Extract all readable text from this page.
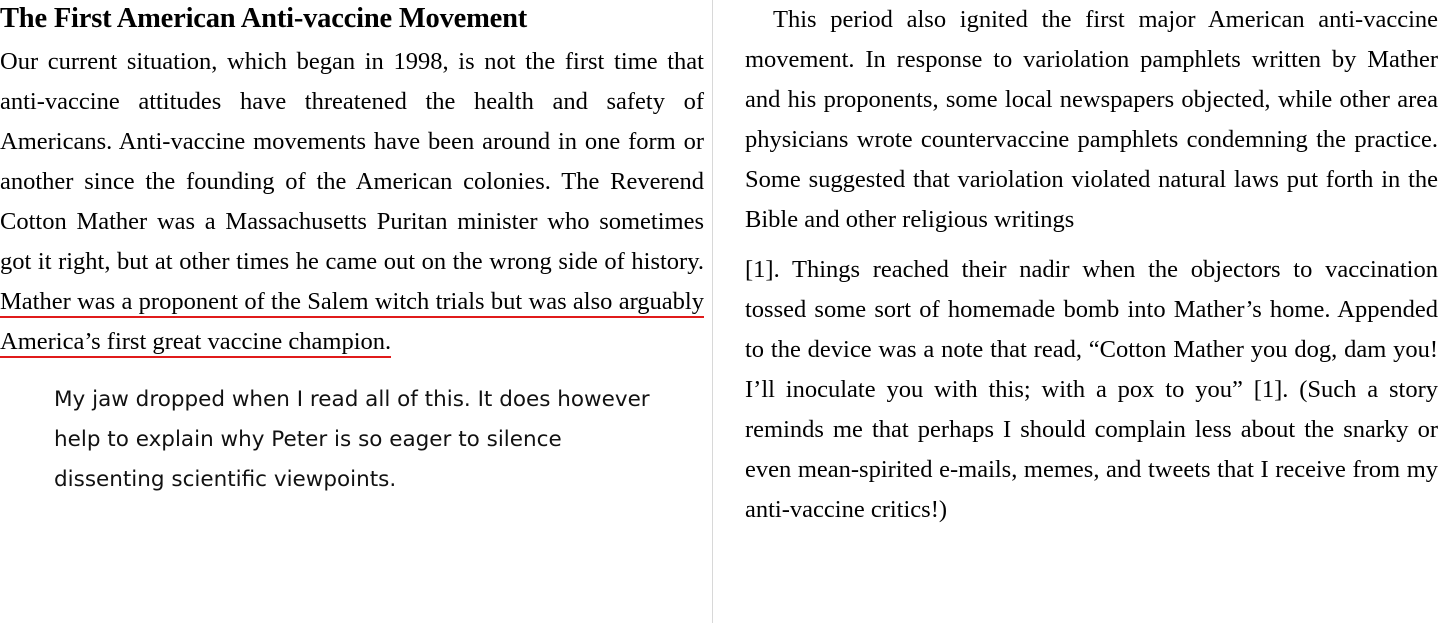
The First American Anti-vaccine Movement

Our current situation, which began in 1998, is not the first time that anti-vaccine attitudes have threatened the health and safety of Americans. Anti-vaccine movements have been around in one form or another since the founding of the American colonies. The Reverend Cotton Mather was a Massachusetts Puritan minister who sometimes got it right, but at other times he came out on the wrong side of history. Mather was a proponent of the Salem witch trials but was also arguably America’s first great vaccine champion.

My jaw dropped when I read all of this. It does however help to explain why Peter is so eager to silence dissenting scientific viewpoints.

This period also ignited the first major American anti-vaccine movement. In response to variolation pamphlets written by Mather and his proponents, some local newspapers objected, while other area physicians wrote countervaccine pamphlets condemning the practice. Some suggested that variolation violated natural laws put forth in the Bible and other religious writings

[1]. Things reached their nadir when the objectors to vaccination tossed some sort of homemade bomb into Mather’s home. Appended to the device was a note that read, “Cotton Mather you dog, dam you! I’ll inoculate you with this; with a pox to you” [1]. (Such a story reminds me that perhaps I should complain less about the snarky or even mean-spirited e-mails, memes, and tweets that I receive from my anti-vaccine critics!)
